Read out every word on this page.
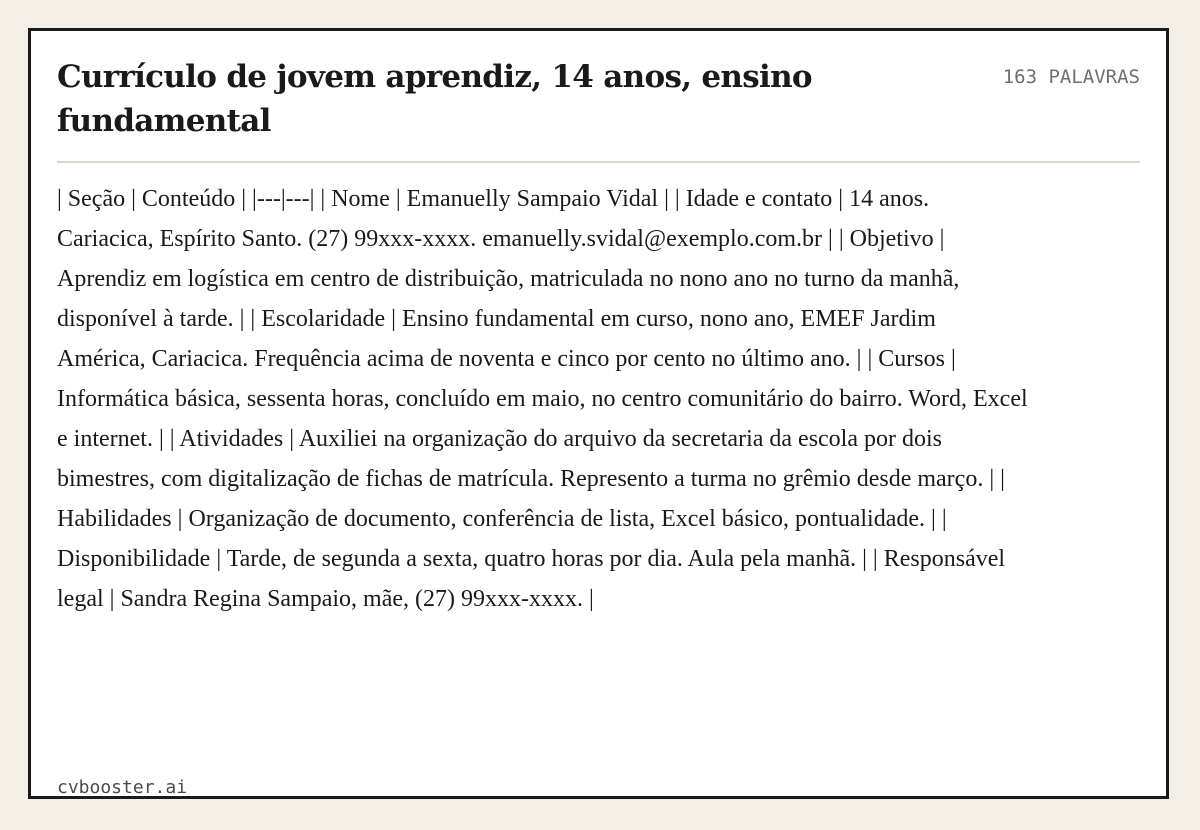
Currículo de jovem aprendiz, 14 anos, ensino fundamental
163 PALAVRAS

| Seção | Conteúdo | |---|---| | Nome | Emanuelly Sampaio Vidal | | Idade e contato | 14 anos. Cariacica, Espírito Santo. (27) 99xxx-xxxx. emanuelly.svidal@exemplo.com.br | | Objetivo | Aprendiz em logística em centro de distribuição, matriculada no nono ano no turno da manhã, disponível à tarde. | | Escolaridade | Ensino fundamental em curso, nono ano, EMEF Jardim América, Cariacica. Frequência acima de noventa e cinco por cento no último ano. | | Cursos | Informática básica, sessenta horas, concluído em maio, no centro comunitário do bairro. Word, Excel e internet. | | Atividades | Auxiliei na organização do arquivo da secretaria da escola por dois bimestres, com digitalização de fichas de matrícula. Represento a turma no grêmio desde março. | | Habilidades | Organização de documento, conferência de lista, Excel básico, pontualidade. | | Disponibilidade | Tarde, de segunda a sexta, quatro horas por dia. Aula pela manhã. | | Responsável legal | Sandra Regina Sampaio, mãe, (27) 99xxx-xxxx. |

cvbooster.ai
